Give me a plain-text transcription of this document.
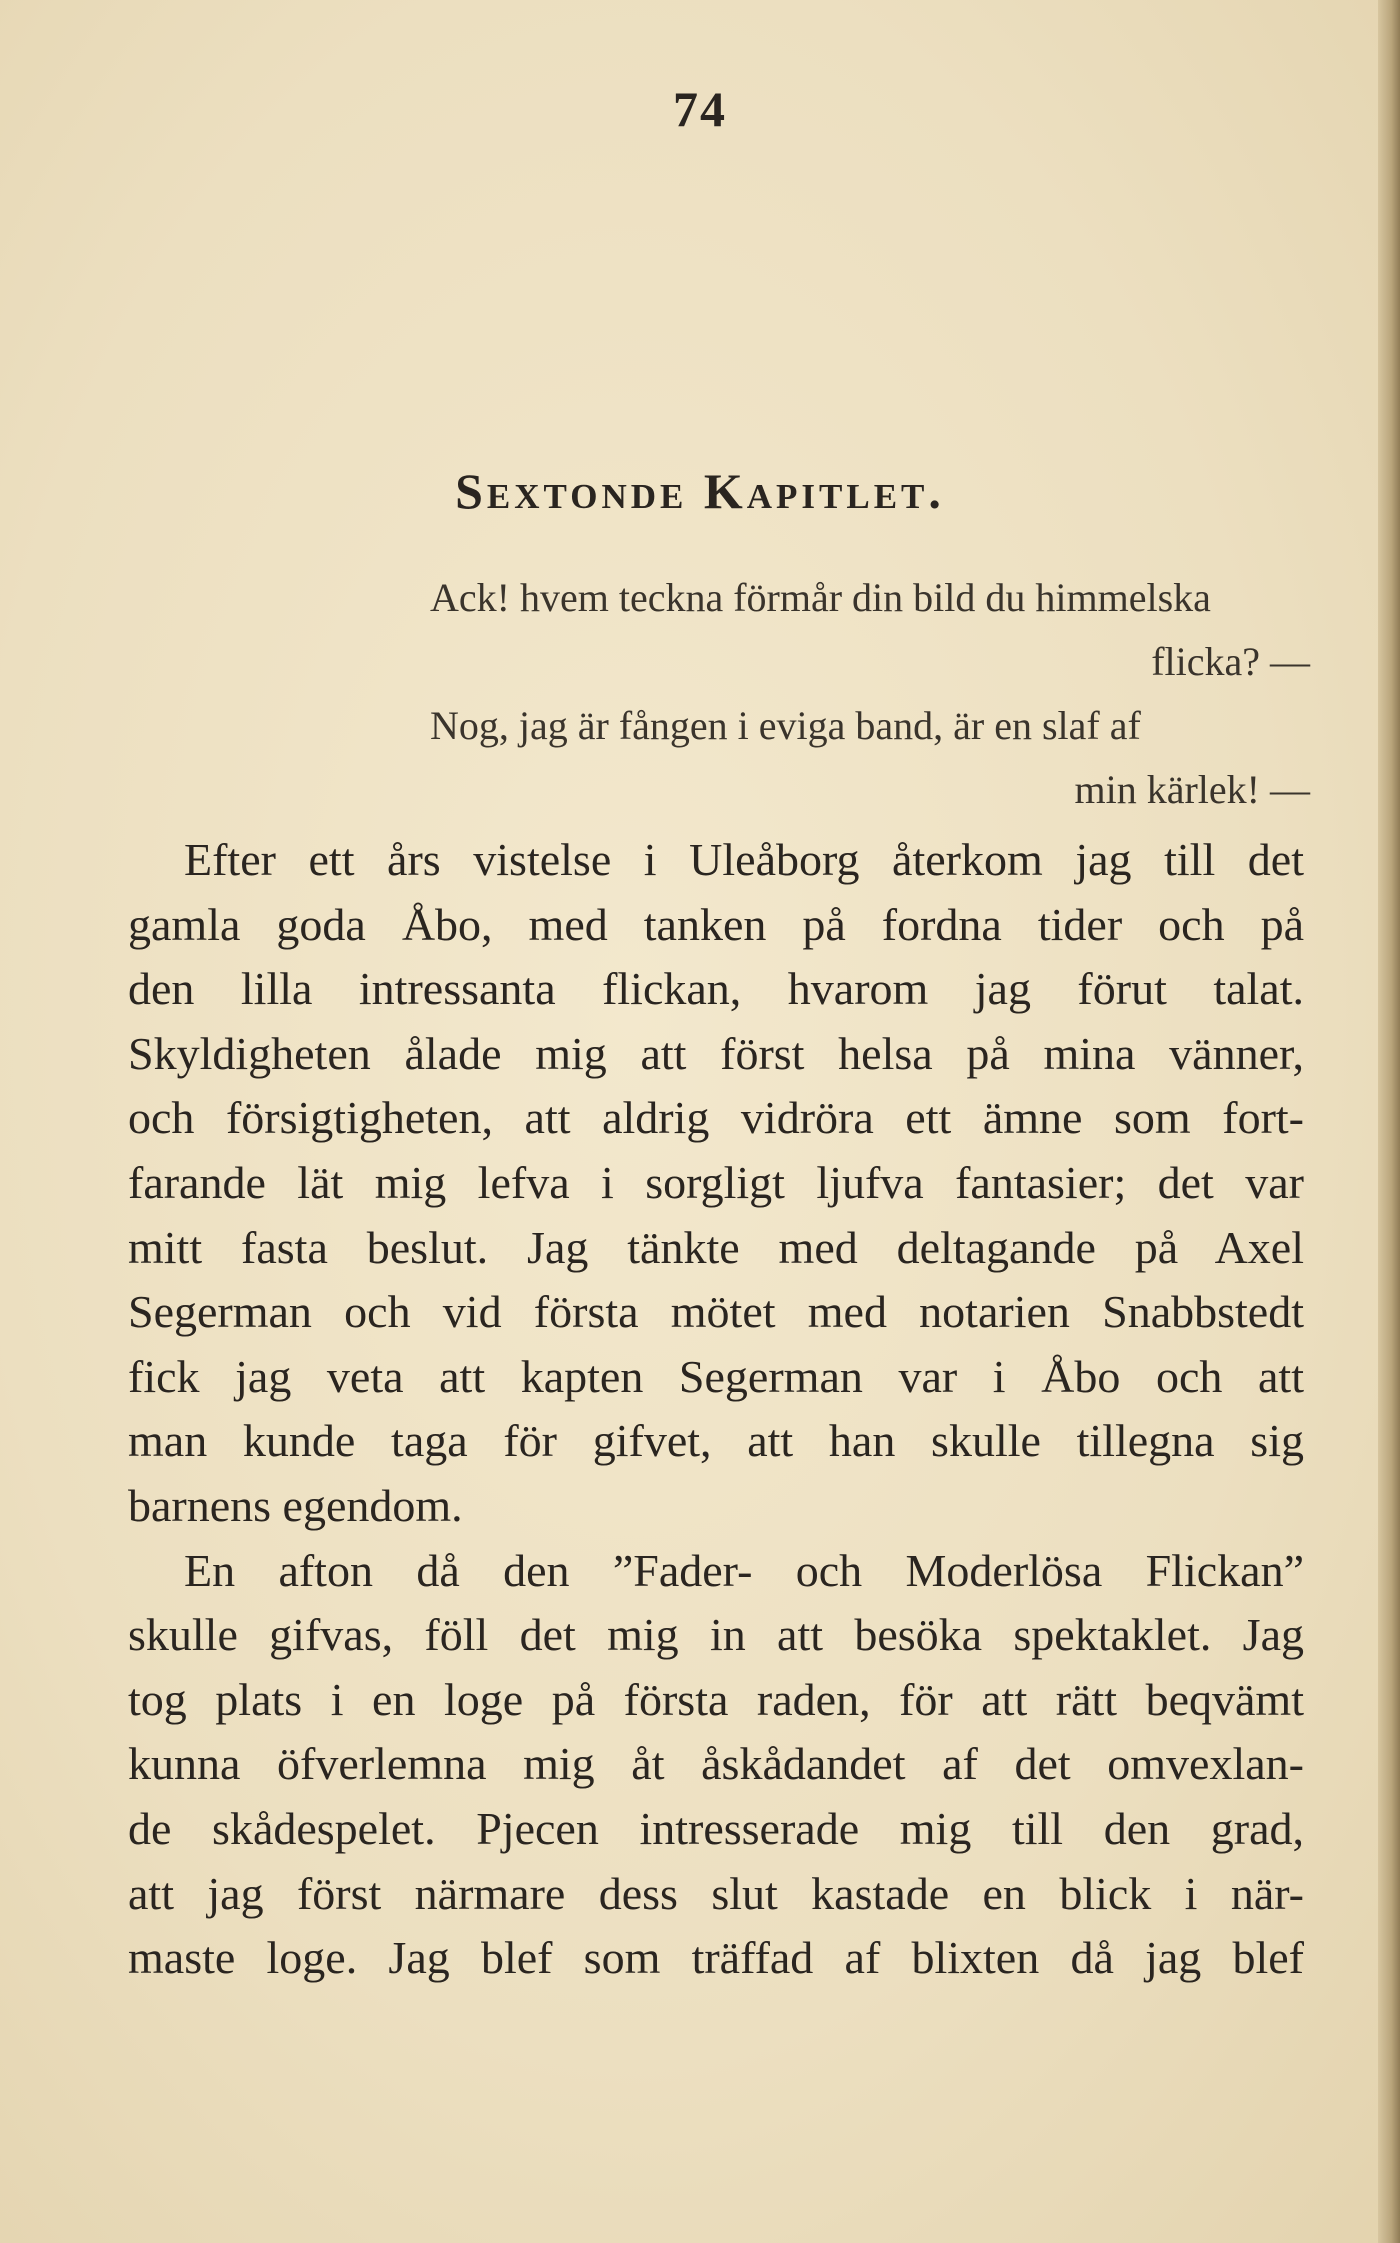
74
Sextonde Kapitlet.
Ack! hvem teckna förmår din bild du himmelska
flicka? —
Nog, jag är fången i eviga band, är en slaf af
min kärlek! —
Efter ett års vistelse i Uleåborg återkom jag till det
gamla goda Åbo, med tanken på fordna tider och på
den lilla intressanta flickan, hvarom jag förut talat.
Skyldigheten ålade mig att först helsa på mina vänner,
och försigtigheten, att aldrig vidröra ett ämne som fort-
farande lät mig lefva i sorgligt ljufva fantasier; det var
mitt fasta beslut. Jag tänkte med deltagande på Axel
Segerman och vid första mötet med notarien Snabbstedt
fick jag veta att kapten Segerman var i Åbo och att
man kunde taga för gifvet, att han skulle tillegna sig
barnens egendom.
En afton då den ”Fader- och Moderlösa Flickan”
skulle gifvas, föll det mig in att besöka spektaklet. Jag
tog plats i en loge på första raden, för att rätt beqvämt
kunna öfverlemna mig åt åskådandet af det omvexlan-
de skådespelet. Pjecen intresserade mig till den grad,
att jag först närmare dess slut kastade en blick i när-
maste loge. Jag blef som träffad af blixten då jag blef
